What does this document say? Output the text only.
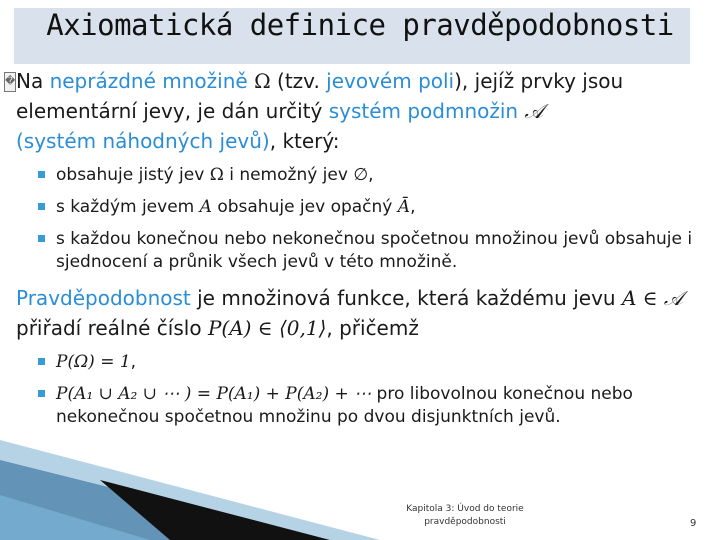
Axiomatická definice pravděpodobnosti

� Na neprázdné množině Ω (tzv. jevovém poli), jejíž prvky jsou elementární jevy, je dán určitý systém podmnožin 𝒜
(systém náhodných jevů), který:

obsahuje jistý jev Ω i nemožný jev ∅,
s každým jevem A obsahuje jev opačný Ā,
s každou konečnou nebo nekonečnou spočetnou množinou jevů obsahuje i sjednocení a průnik všech jevů v této množině.

Pravděpodobnost je množinová funkce, která každému jevu A ∈ 𝒜 přiřadí reálné číslo P(A) ∈ ⟨0,1⟩, přičemž

P(Ω) = 1,
P(A₁ ∪ A₂ ∪ ⋯ ) = P(A₁) + P(A₂) + ⋯ pro libovolnou konečnou nebo nekonečnou spočetnou množinu po dvou disjunktních jevů.
Kapitola 3: Úvod do teorie
pravděpodobnosti	9
